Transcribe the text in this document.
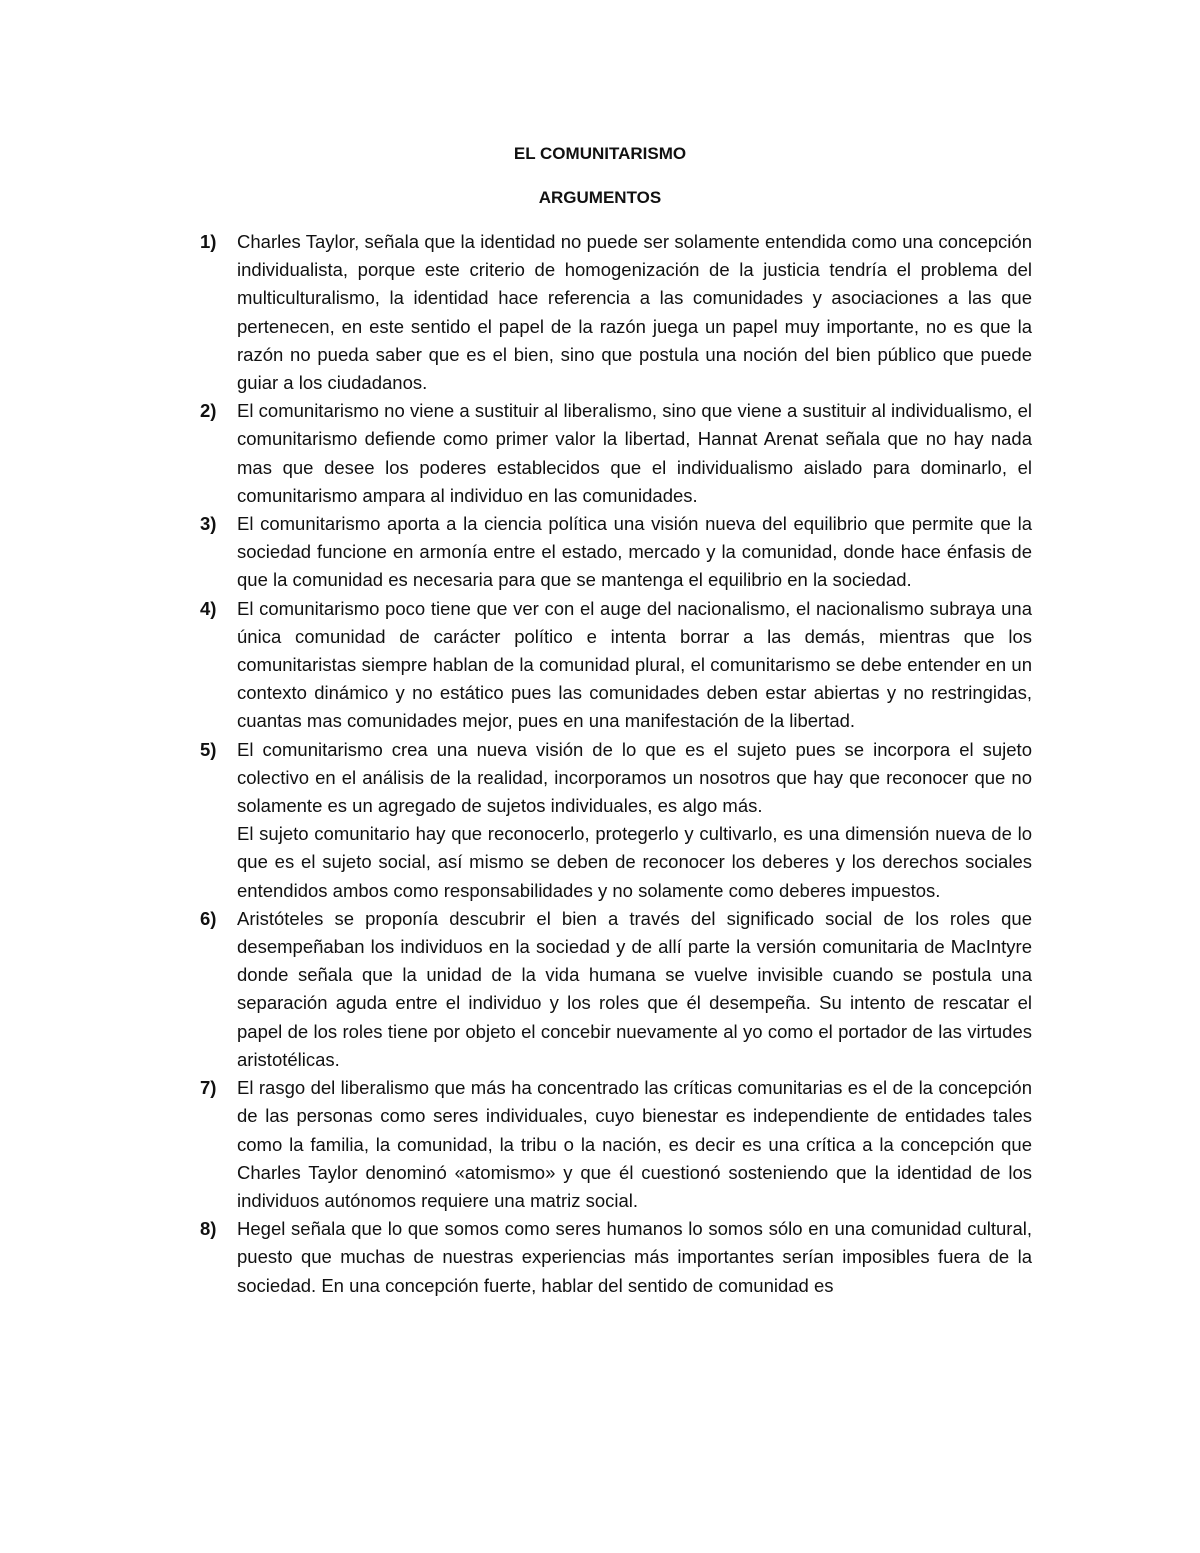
EL COMUNITARISMO
ARGUMENTOS
1) Charles Taylor, señala que la identidad no puede ser solamente entendida como una concepción individualista, porque este criterio de homogenización de la justicia tendría el problema del multiculturalismo, la identidad hace referencia a las comunidades y asociaciones a las que pertenecen, en este sentido el papel de la razón juega un papel muy importante, no es que la razón no pueda saber que es el bien, sino que postula una noción del bien público que puede guiar a los ciudadanos.
2) El comunitarismo no viene a sustituir al liberalismo, sino que viene a sustituir al individualismo, el comunitarismo defiende como primer valor la libertad, Hannat Arenat señala que no hay nada mas que desee los poderes establecidos que el individualismo aislado para dominarlo, el comunitarismo ampara al individuo en las comunidades.
3) El comunitarismo aporta a la ciencia política una visión nueva del equilibrio que permite que la sociedad funcione en armonía entre el estado, mercado y la comunidad, donde hace énfasis de que la comunidad es necesaria para que se mantenga el equilibrio en la sociedad.
4) El comunitarismo poco tiene que ver con el auge del nacionalismo, el nacionalismo subraya una única comunidad de carácter político e intenta borrar a las demás, mientras que los comunitaristas siempre hablan de la comunidad plural, el comunitarismo se debe entender en un contexto dinámico y no estático pues las comunidades deben estar abiertas y no restringidas, cuantas mas comunidades mejor, pues en una manifestación de la libertad.
5) El comunitarismo crea una nueva visión de lo que es el sujeto pues se incorpora el sujeto colectivo en el análisis de la realidad, incorporamos un nosotros que hay que reconocer que no solamente es un agregado de sujetos individuales, es algo más.
El sujeto comunitario hay que reconocerlo, protegerlo y cultivarlo, es una dimensión nueva de lo que es el sujeto social, así mismo se deben de reconocer los deberes y los derechos sociales entendidos ambos como responsabilidades y no solamente como deberes impuestos.
6) Aristóteles se proponía descubrir el bien a través del significado social de los roles que desempeñaban los individuos en la sociedad y de allí parte la versión comunitaria de MacIntyre donde señala que la unidad de la vida humana se vuelve invisible cuando se postula una separación aguda entre el individuo y los roles que él desempeña. Su intento de rescatar el papel de los roles tiene por objeto el concebir nuevamente al yo como el portador de las virtudes aristotélicas.
7) El rasgo del liberalismo que más ha concentrado las críticas comunitarias es el de la concepción de las personas como seres individuales, cuyo bienestar es independiente de entidades tales como la familia, la comunidad, la tribu o la nación, es decir es una crítica a la concepción que Charles Taylor denominó «atomismo» y que él cuestionó sosteniendo que la identidad de los individuos autónomos requiere una matriz social.
8) Hegel señala que lo que somos como seres humanos lo somos sólo en una comunidad cultural, puesto que muchas de nuestras experiencias más importantes serían imposibles fuera de la sociedad. En una concepción fuerte, hablar del sentido de comunidad es
